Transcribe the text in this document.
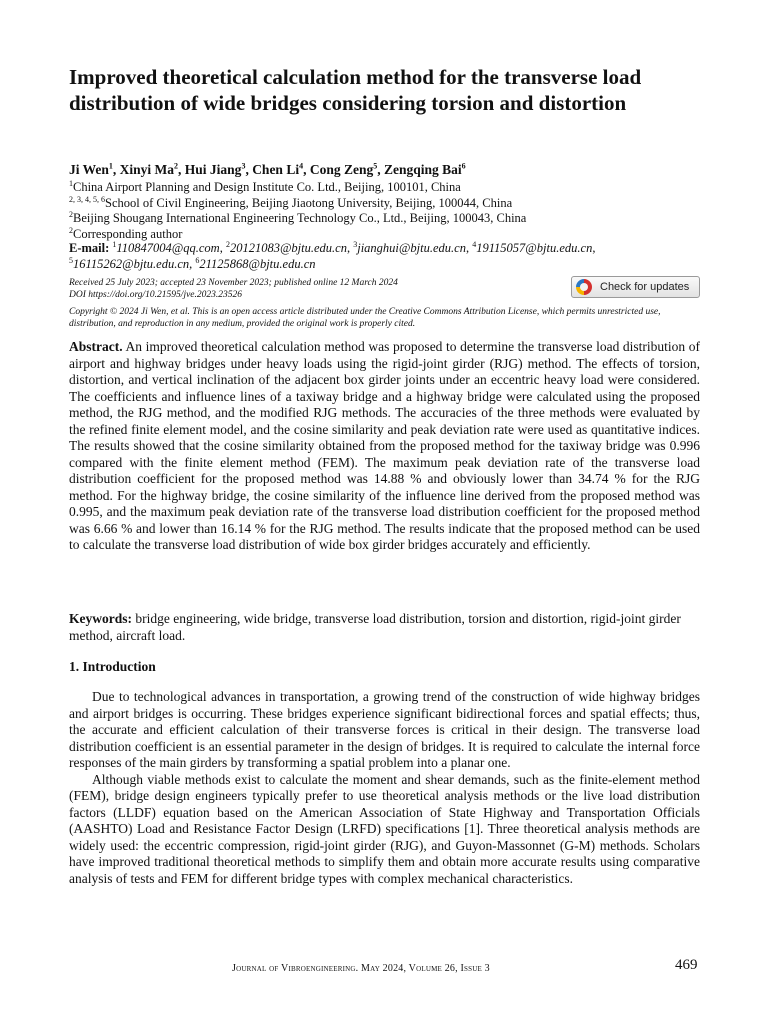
Improved theoretical calculation method for the transverse load distribution of wide bridges considering torsion and distortion
Ji Wen$^1$, Xinyi Ma$^2$, Hui Jiang$^3$, Chen Li$^4$, Cong Zeng$^5$, Zengqing Bai$^6$
$^1$China Airport Planning and Design Institute Co. Ltd., Beijing, 100101, China
$^{2, 3, 4, 5, 6}$School of Civil Engineering, Beijing Jiaotong University, Beijing, 100044, China
$^2$Beijing Shougang International Engineering Technology Co., Ltd., Beijing, 100043, China
$^2$Corresponding author
E-mail: $^1$110847004@qq.com, $^2$20121083@bjtu.edu.cn, $^3$jianghui@bjtu.edu.cn, $^4$19115057@bjtu.edu.cn, $^5$16115262@bjtu.edu.cn, $^6$21125868@bjtu.edu.cn
Received 25 July 2023; accepted 23 November 2023; published online 12 March 2024
DOI https://doi.org/10.21595/jve.2023.23526
Check for updates
Copyright © 2024 Ji Wen, et al. This is an open access article distributed under the Creative Commons Attribution License, which permits unrestricted use, distribution, and reproduction in any medium, provided the original work is properly cited.
Abstract. An improved theoretical calculation method was proposed to determine the transverse load distribution of airport and highway bridges under heavy loads using the rigid-joint girder (RJG) method. The effects of torsion, distortion, and vertical inclination of the adjacent box girder joints under an eccentric heavy load were considered. The coefficients and influence lines of a taxiway bridge and a highway bridge were calculated using the proposed method, the RJG method, and the modified RJG methods. The accuracies of the three methods were evaluated by the refined finite element model, and the cosine similarity and peak deviation rate were used as quantitative indices. The results showed that the cosine similarity obtained from the proposed method for the taxiway bridge was 0.996 compared with the finite element method (FEM). The maximum peak deviation rate of the transverse load distribution coefficient for the proposed method was 14.88 % and obviously lower than 34.74 % for the RJG method. For the highway bridge, the cosine similarity of the influence line derived from the proposed method was 0.995, and the maximum peak deviation rate of the transverse load distribution coefficient for the proposed method was 6.66 % and lower than 16.14 % for the RJG method. The results indicate that the proposed method can be used to calculate the transverse load distribution of wide box girder bridges accurately and efficiently.
Keywords: bridge engineering, wide bridge, transverse load distribution, torsion and distortion, rigid-joint girder method, aircraft load.
1. Introduction

Due to technological advances in transportation, a growing trend of the construction of wide highway bridges and airport bridges is occurring. These bridges experience significant bidirectional forces and spatial effects; thus, the accurate and efficient calculation of their transverse forces is critical in their design. The transverse load distribution coefficient is an essential parameter in the design of bridges. It is required to calculate the internal force responses of the main girders by transforming a spatial problem into a planar one.

Although viable methods exist to calculate the moment and shear demands, such as the finite-element method (FEM), bridge design engineers typically prefer to use theoretical analysis methods or the live load distribution factors (LLDF) equation based on the American Association of State Highway and Transportation Officials (AASHTO) Load and Resistance Factor Design (LRFD) specifications [1]. Three theoretical analysis methods are widely used: the eccentric compression, rigid-joint girder (RJG), and Guyon-Massonnet (G-M) methods. Scholars have improved traditional theoretical methods to simplify them and obtain more accurate results using comparative analysis of tests and FEM for different bridge types with complex mechanical characteristics.

Journal of Vibroengineering. May 2024, Volume 26, Issue 3	469
